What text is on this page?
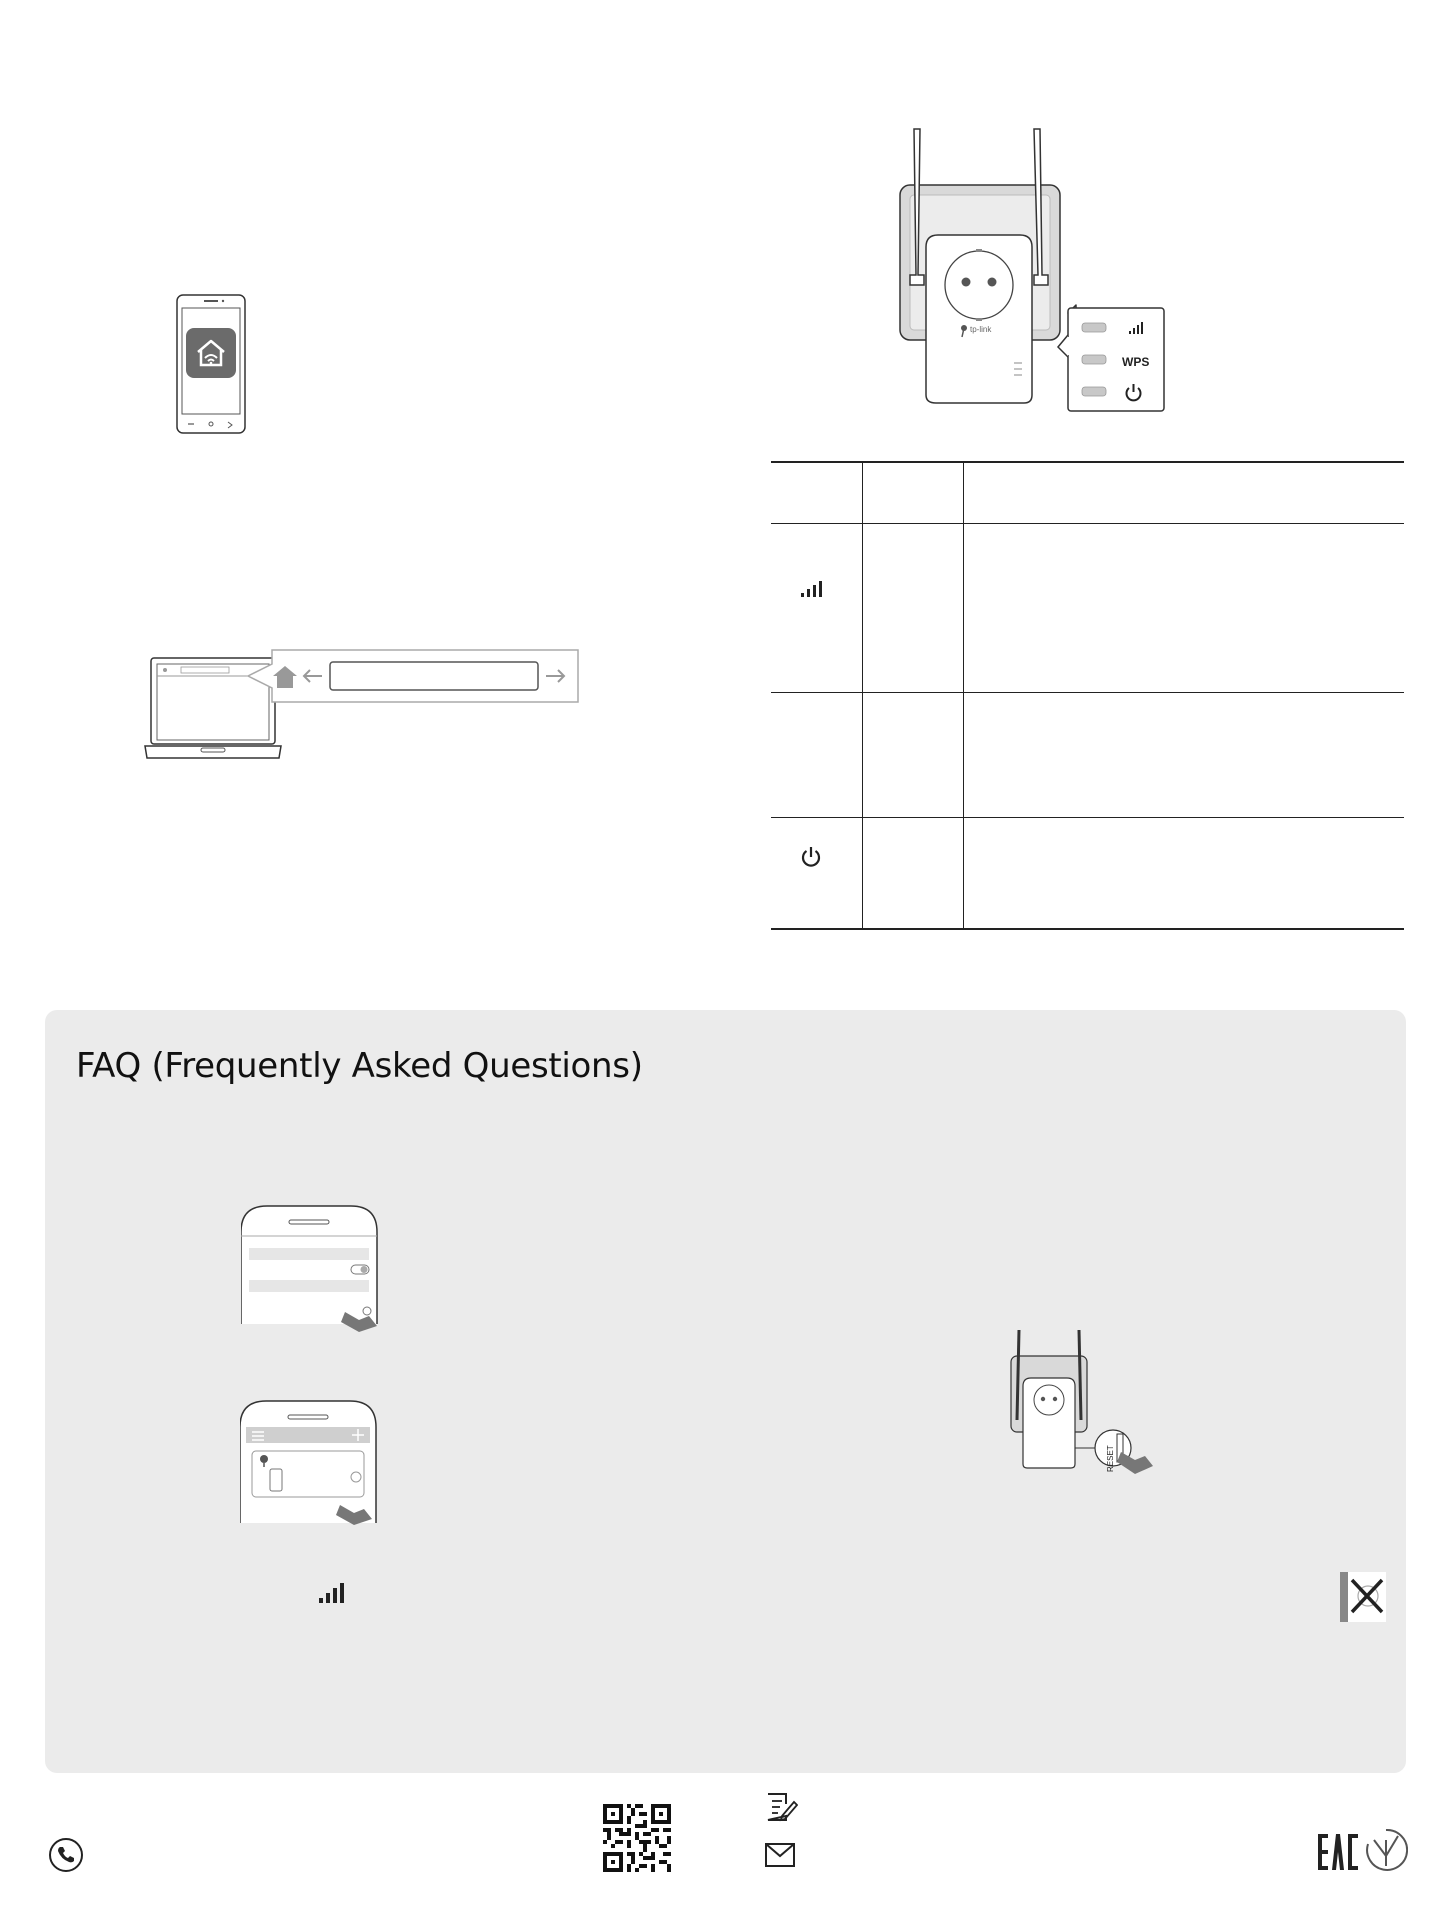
tp-link
WPS
FAQ (Frequently Asked Questions)
RESET
